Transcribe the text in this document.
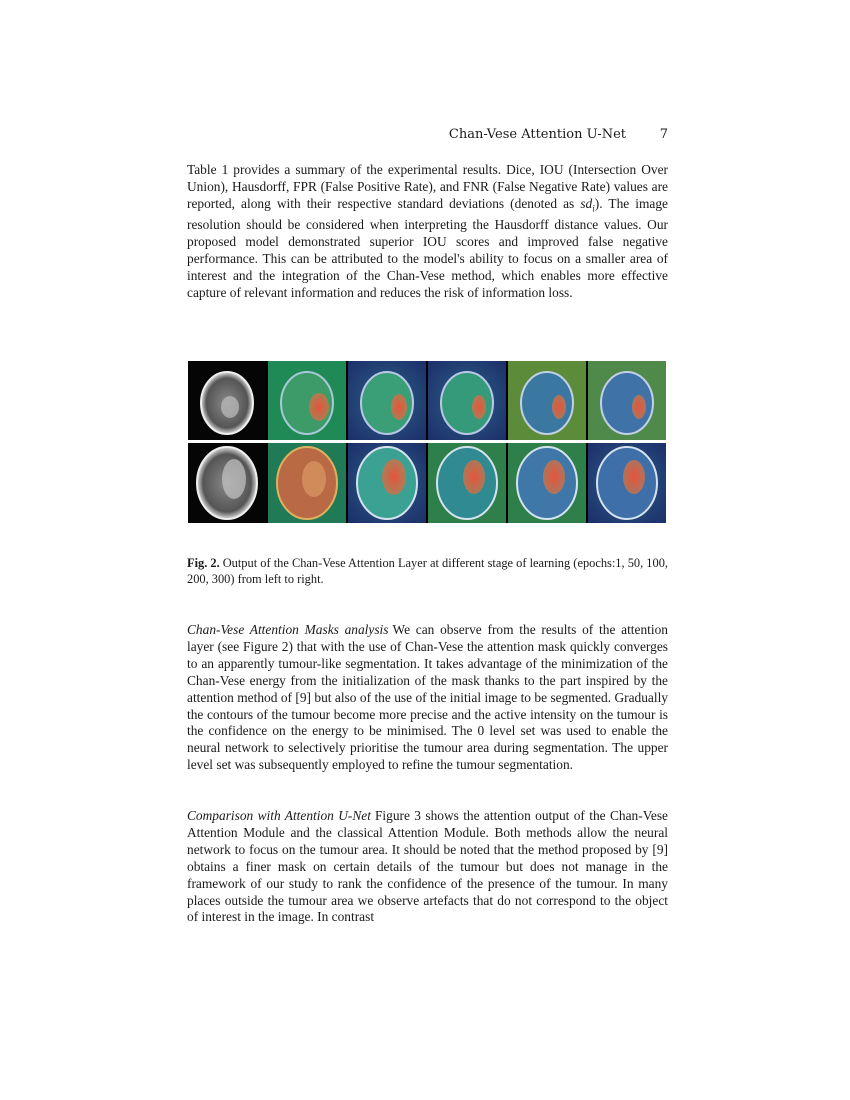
Chan-Vese Attention U-Net	7

Table 1 provides a summary of the experimental results. Dice, IOU (Intersection Over Union), Hausdorff, FPR (False Positive Rate), and FNR (False Negative Rate) values are reported, along with their respective standard deviations (denoted as $sd_i$). The image resolution should be considered when interpreting the Hausdorff distance values. Our proposed model demonstrated superior IOU scores and improved false negative performance. This can be attributed to the model's ability to focus on a smaller area of interest and the integration of the Chan-Vese method, which enables more effective capture of relevant information and reduces the risk of information loss.

Fig. 2. Output of the Chan-Vese Attention Layer at different stage of learning (epochs:1, 50, 100, 200, 300) from left to right.

Chan-Vese Attention Masks analysis We can observe from the results of the attention layer (see Figure 2) that with the use of Chan-Vese the attention mask quickly converges to an apparently tumour-like segmentation. It takes advantage of the minimization of the Chan-Vese energy from the initialization of the mask thanks to the part inspired by the attention method of [9] but also of the use of the initial image to be segmented. Gradually the contours of the tumour become more precise and the active intensity on the tumour is the confidence on the energy to be minimised. The 0 level set was used to enable the neural network to selectively prioritise the tumour area during segmentation. The upper level set was subsequently employed to refine the tumour segmentation.

Comparison with Attention U-Net Figure 3 shows the attention output of the Chan-Vese Attention Module and the classical Attention Module. Both methods allow the neural network to focus on the tumour area. It should be noted that the method proposed by [9] obtains a finer mask on certain details of the tumour but does not manage in the framework of our study to rank the confidence of the presence of the tumour. In many places outside the tumour area we observe artefacts that do not correspond to the object of interest in the image. In contrast
